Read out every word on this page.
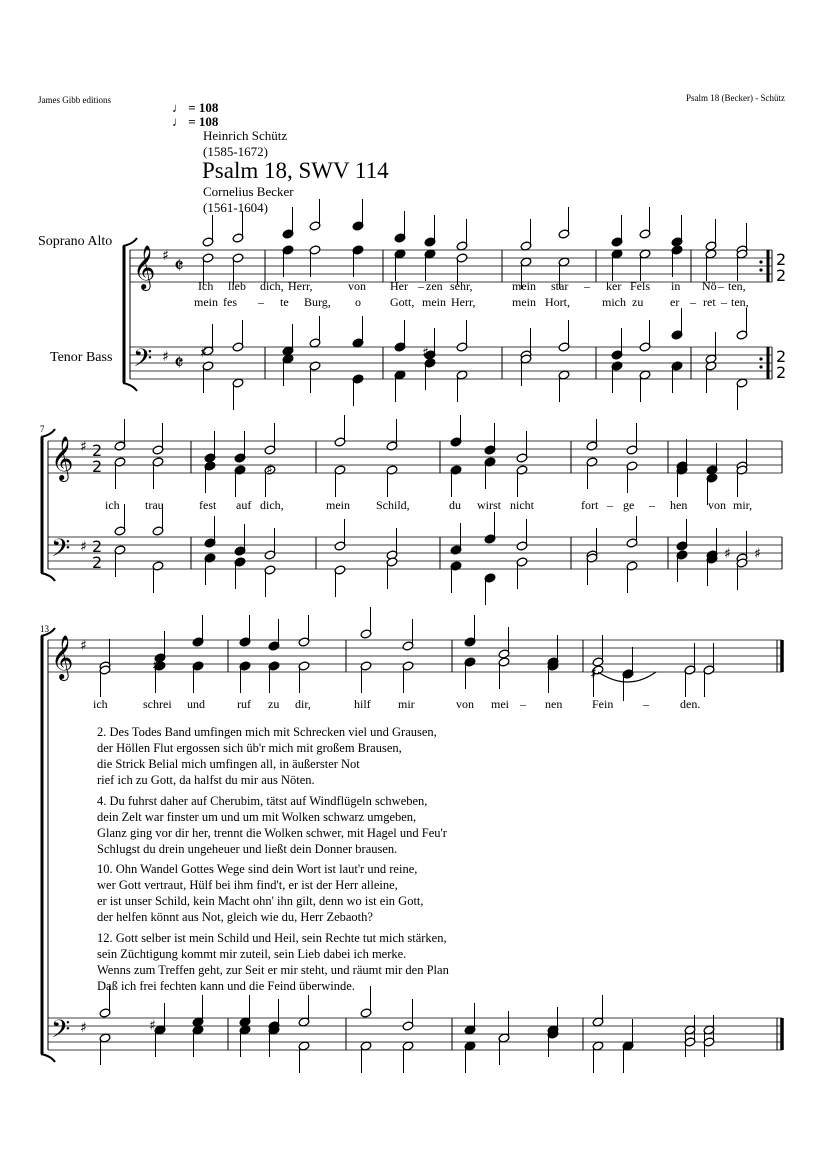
James Gibb editions	Psalm 18 (Becker) - Schütz
♩ = 108
♩ = 108
Heinrich Schütz
(1585-1672)
Psalm 18, SWV 114
Cornelius Becker
(1561-1604)
Soprano Alto
Tenor Bass
7
13
Ich lieb dich, Herr,	von Her – zen sehr,	mein star – ker Fels in Nö – ten,
mein fes – te Burg, o Gott, mein Herr,	mein Hort,	mich zu er – ret – ten,
ich trau	fest auf dich,	mein Schild,	du wirst nicht	fort – ge – hen von mir,
ich	schrei und	ruf zu dir,	hilf mir	von mei – nen Fein –	den.
2. Des Todes Band umfingen mich mit Schrecken viel und Grausen,
der Höllen Flut ergossen sich üb'r mich mit großem Brausen,
die Strick Belial mich umfingen all, in äußerster Not
rief ich zu Gott, da halfst du mir aus Nöten.
4. Du fuhrst daher auf Cherubim, tätst auf Windflügeln schweben,
dein Zelt war finster um und um mit Wolken schwarz umgeben,
Glanz ging vor dir her, trennt die Wolken schwer, mit Hagel und Feu'r
Schlugst du drein ungeheuer und ließt dein Donner brausen.
10. Ohn Wandel Gottes Wege sind dein Wort ist laut'r und reine,
wer Gott vertraut, Hülf bei ihm find't, er ist der Herr alleine,
er ist unser Schild, kein Macht ohn' ihn gilt, denn wo ist ein Gott,
der helfen könnt aus Not, gleich wie du, Herr Zebaoth?
12. Gott selber ist mein Schild und Heil, sein Rechte tut mich stärken,
sein Züchtigung kommt mir zuteil, sein Lieb dabei ich merke.
Wenns zum Treffen geht, zur Seit er mir steht, und räumt mir den Plan
Daß ich frei fechten kann und die Feind überwinde.
𝄞
𝄢
♯
♯
𝄵
𝄵
2
2
2
2
𝄞
𝄢
♯
♯
2
2
2
2
𝄞
𝄢
♯
♯
♯	♯
♯
♯
♯
♯
♯
♯
